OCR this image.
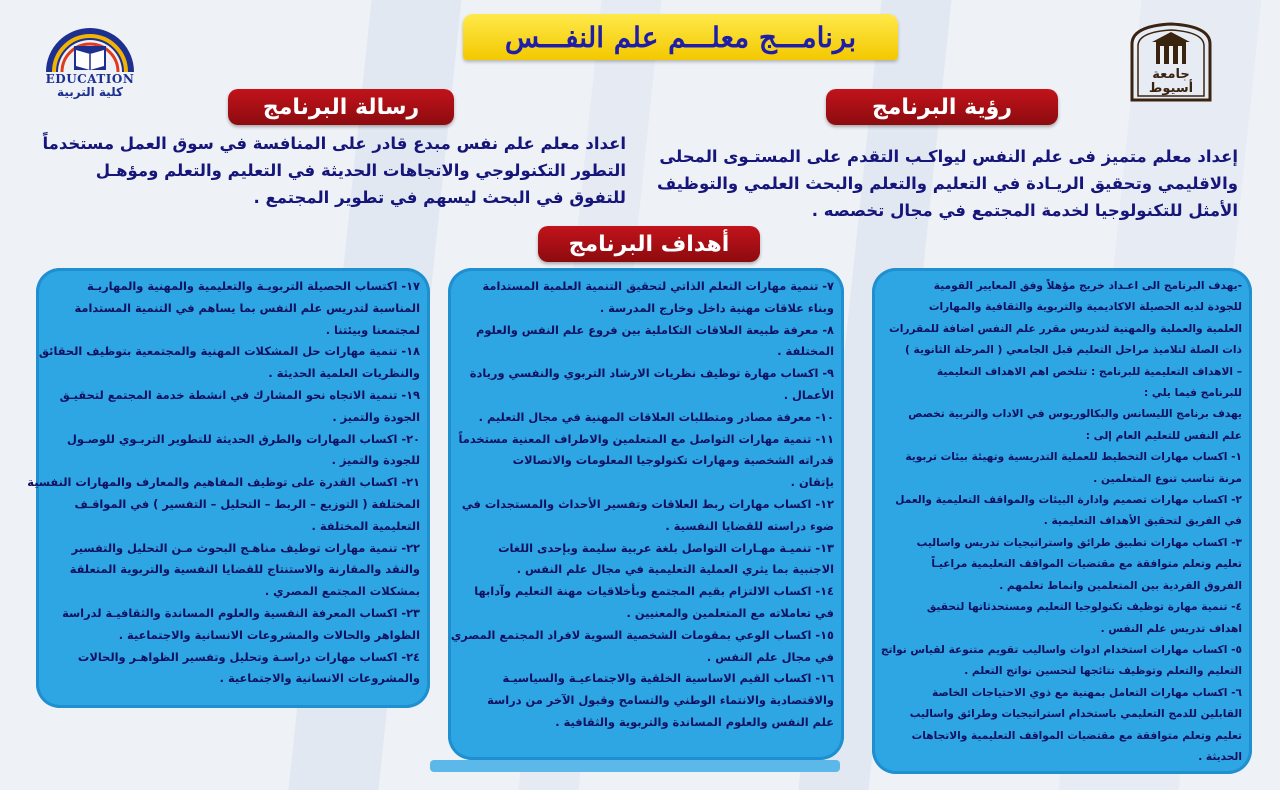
EDUCATION
كلية التربية
برنامـــج معلـــم علم النفـــس
جامعة أسيوط
رسالة البرنامج	رؤية البرنامج
اعداد معلم علم نفس مبدع قادر على المنافسة في سوق العمل مستخدماً
التطور التكنولوجي والاتجاهات الحديثة في التعليم والتعلم ومؤهـل
للتفوق في البحث ليسهم في تطوير المجتمع .
إعداد معلم متميز فى علم النفس ليواكـب التقدم على المستـوى المحلى
والاقليمي وتحقيق الريـادة في التعليم والتعلم والبحث العلمي والتوظيف
الأمثل للتكنولوجيا لخدمة المجتمع في مجال تخصصه .
أهداف البرنامج
١٧- اكتساب الحصيلة التربويـة والتعليمية والمهنية والمهاريـة
المناسبة لتدريس علم النفس بما يساهم في التنمية المستدامة
لمجتمعنا وبيئتنا .
١٨- تنمية مهارات حل المشكلات المهنية والمجتمعية بتوظيف الحقائق
والنظريات العلمية الحديثة .
١٩- تنمية الاتجاه نحو المشارك في انشطة خدمة المجتمع لتحقيـق
الجودة والتميز .
٢٠- اكساب المهارات والطرق الحديثة للتطوير التربـوي للوصـول
للجودة والتميز .
٢١- اكساب القدرة على توظيف المفاهيم والمعارف والمهارات النفسية
المختلفة ( التوزيع – الربط – التحليل – التفسير ) في المواقـف
التعليمية المختلفة .
٢٢- تنمية مهارات توظيف مناهـج البحوث مـن التحليل والتفسير
والنقد والمقارنة والاستنتاج للقضايا النفسية والتربوية المتعلقة
بمشكلات المجتمع المصري .
٢٣- اكساب المعرفة النفسية والعلوم المساندة والثقافيـة لدراسة
الظواهر والحالات والمشروعات الانسانية والاجتماعية .
٢٤- اكساب مهارات دراسـة وتحليل وتفسير الظواهـر والحالات
والمشروعات الانسانية والاجتماعية .
٧- تنمية مهارات التعلم الذاتي لتحقيق التنمية العلمية المستدامة
وبناء علاقات مهنية داخل وخارج المدرسة .
٨- معرفة طبيعة العلاقات التكاملية بين فروع علم النفس والعلوم
المختلفة .
٩- اكساب مهارة توظيف نظريات الارشاد التربوي والنفسي وريادة
الأعمال .
١٠- معرفة مصادر ومتطلبات العلاقات المهنية في مجال التعليم .
١١- تنمية مهارات التواصل مع المتعلمين والاطراف المعنية مستخدماً
قدراته الشخصية ومهارات تكنولوجيا المعلومات والاتصالات
بإتقان .
١٢- اكساب مهارات ربط العلاقات وتفسير الأحداث والمستجدات في
ضوء دراسته للقضايا النفسية .
١٣- تنميـة مهـارات التواصل بلغة عربية سليمة وبإحدى اللغات
الاجنبية بما يثري العملية التعليمية في مجال علم النفس .
١٤- اكساب الالتزام بقيم المجتمع وبأخلاقيات مهنة التعليم وآدابها
في تعاملاته مع المتعلمين والمعنيين .
١٥- اكساب الوعي بمقومات الشخصية السوية لافراد المجتمع المصري
في مجال علم النفس .
١٦- اكساب القيم الاساسية الخلقية والاجتماعيـة والسياسيـة
والاقتصادية والانتماء الوطني والتسامح وقبول الآخر من دراسة
علم النفس والعلوم المساندة والتربوية والثقافية .
-يهدف البرنامج الى اعـداد خريج مؤهلاً وفق المعايير القومية
للجودة لديه الحصيلة الاكاديمية والتربوية والثقافية والمهارات
العلمية والعملية والمهنية لتدريس مقرر علم النفس اضافة للمقررات
ذات الصلة لتلاميذ مراحل التعليم قبل الجامعي ( المرحلة الثانوية )
– الاهداف التعليمية للبرنامج : تتلخص اهم الاهداف التعليمية
للبرنامج فيما يلي :
يهدف برنامج الليسانس والبكالوريوس في الاداب والتربية تخصص
علم النفس للتعليم العام إلى :
١- اكساب مهارات التخطيط للعملية التدريسية وتهيئة بيئات تربوية
مرنة تناسب تنوع المتعلمين .
٢- اكساب مهارات تصميم وادارة البيئات والمواقف التعليمية والعمل
في الفريق لتحقيق الأهداف التعليمية .
٣- اكساب مهارات تطبيق طرائق واستراتيجيات تدريس واساليب
تعليم وتعلم متوافقة مع مقتضيات المواقف التعليمية مراعيـاً
الفروق الفردية بين المتعلمين وانماط تعلمهم .
٤- تنمية مهارة توظيف تكنولوجيا التعليم ومستحدثاتها لتحقيق
اهداف تدريس علم النفس .
٥- اكساب مهارات استخدام ادوات واساليب تقويم متنوعة لقياس نواتج
التعليم والتعلم وتوظيف نتائجها لتحسين نواتج التعلم .
٦- اكساب مهارات التعامل بمهنية مع ذوي الاحتياجات الخاصة
القابلين للدمج التعليمي باستخدام استراتيجيات وطرائق واساليب
تعليم وتعلم متوافقة مع مقتضيات المواقف التعليمية والاتجاهات
الحديثة .
